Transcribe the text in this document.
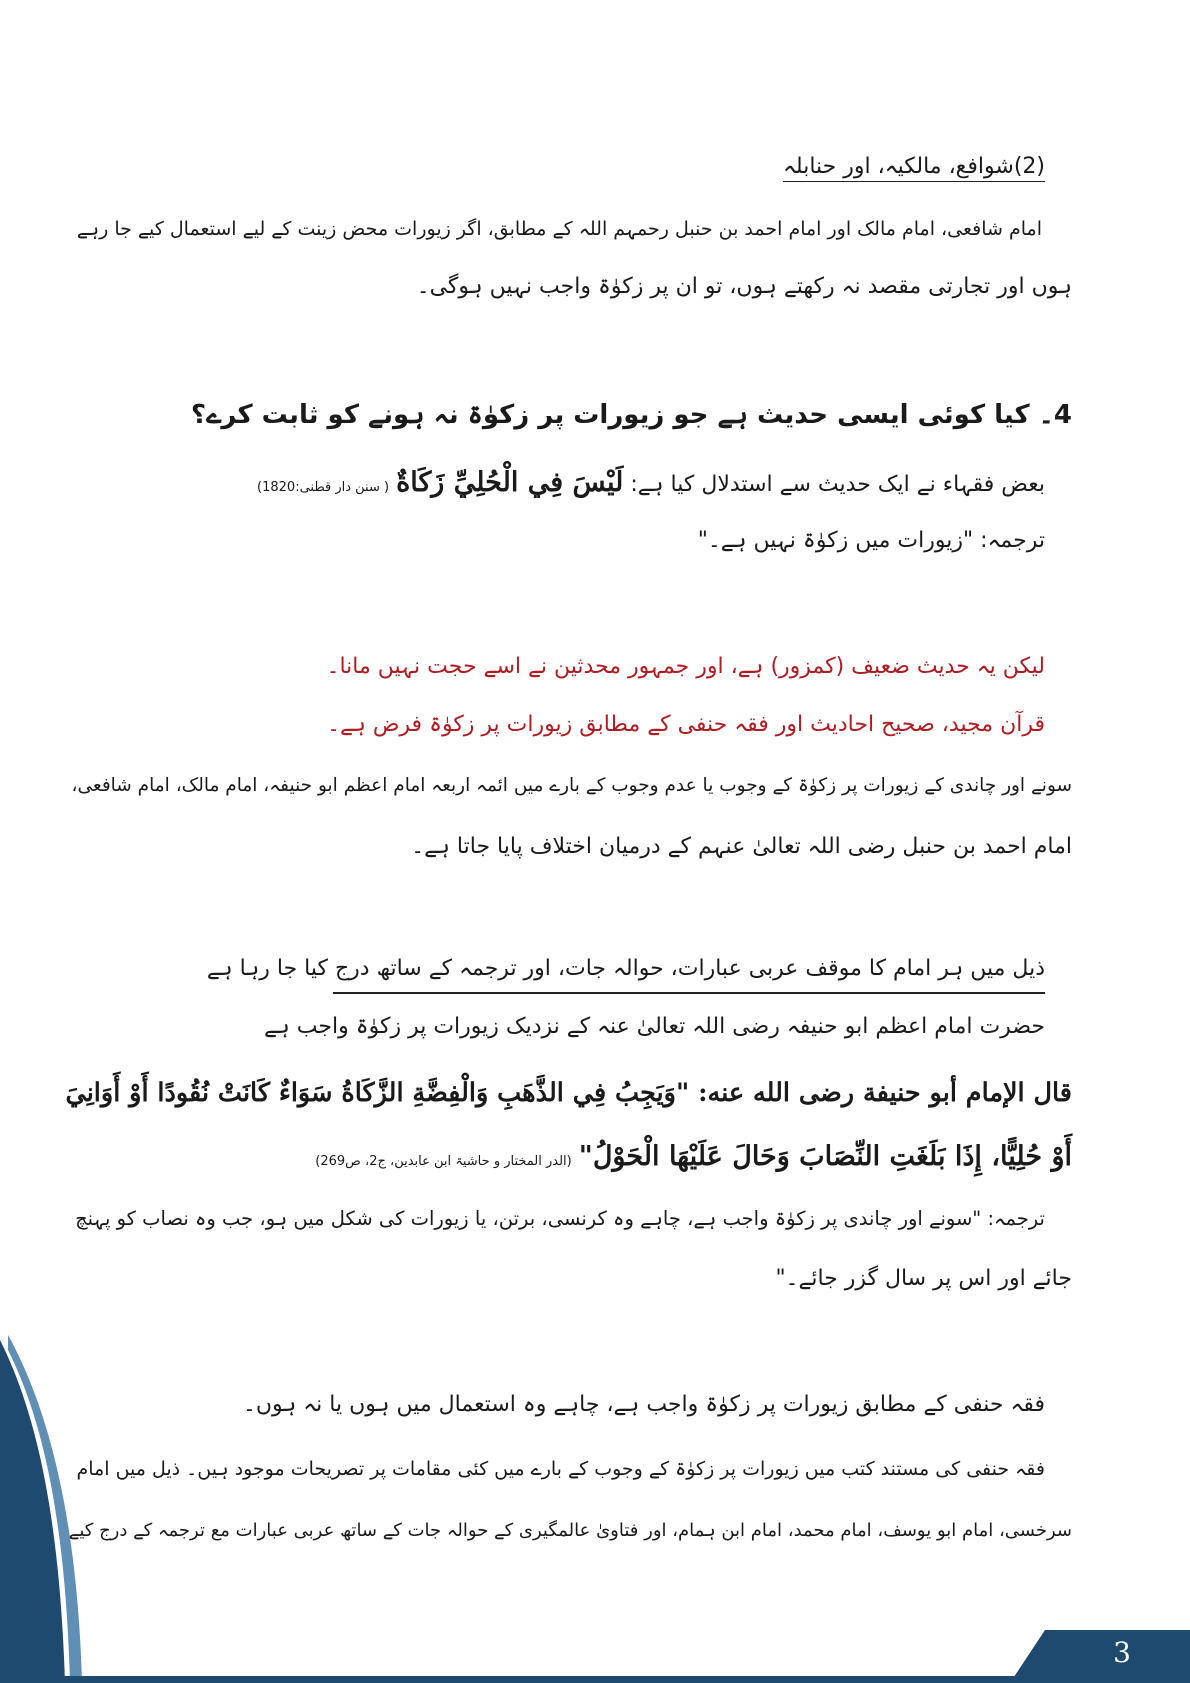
(2)شوافع، مالکیہ، اور حنابلہ
امام شافعی، امام مالک اور امام احمد بن حنبل رحمہم اللہ کے مطابق، اگر زیورات محض زینت کے لیے استعمال کیے جا رہے
ہوں اور تجارتی مقصد نہ رکھتے ہوں، تو ان پر زکوٰۃ واجب نہیں ہوگی۔
4۔ کیا کوئی ایسی حدیث ہے جو زیورات پر زکوٰۃ نہ ہونے کو ثابت کرے؟
بعض فقہاء نے ایک حدیث سے استدلال کیا ہے: لَيْسَ فِي الْحُلِيِّ زَكَاةٌ ( سنن دار قطنی:1820)
ترجمہ: "زیورات میں زکوٰۃ نہیں ہے۔"
لیکن یہ حدیث ضعیف (کمزور) ہے، اور جمہور محدثین نے اسے حجت نہیں مانا۔
قرآن مجید، صحیح احادیث اور فقہ حنفی کے مطابق زیورات پر زکوٰۃ فرض ہے۔
سونے اور چاندی کے زیورات پر زکوٰۃ کے وجوب یا عدم وجوب کے بارے میں ائمہ اربعہ امام اعظم ابو حنیفہ، امام مالک، امام شافعی،
امام احمد بن حنبل رضی اللہ تعالیٰ عنہم کے درمیان اختلاف پایا جاتا ہے۔
ذیل میں ہر امام کا موقف عربی عبارات، حوالہ جات، اور ترجمہ کے ساتھ درج کیا جا رہا ہے
حضرت امام اعظم ابو حنیفہ رضی اللہ تعالیٰ عنہ کے نزدیک زیورات پر زکوٰۃ واجب ہے
قال الإمام أبو حنيفة رضی الله عنه: "وَيَجِبُ فِي الذَّهَبِ وَالْفِضَّةِ الزَّكَاةُ سَوَاءٌ كَانَتْ نُقُودًا أَوْ أَوَانِيَ
أَوْ حُلِيًّا، إِذَا بَلَغَتِ النِّصَابَ وَحَالَ عَلَيْهَا الْحَوْلُ" (الدر المختار و حاشیۃ ابن عابدین، ج2، ص269)
ترجمہ: "سونے اور چاندی پر زکوٰۃ واجب ہے، چاہے وہ کرنسی، برتن، یا زیورات کی شکل میں ہو، جب وہ نصاب کو پہنچ
جائے اور اس پر سال گزر جائے۔"
فقہ حنفی کے مطابق زیورات پر زکوٰۃ واجب ہے، چاہے وہ استعمال میں ہوں یا نہ ہوں۔
فقہ حنفی کی مستند کتب میں زیورات پر زکوٰۃ کے وجوب کے بارے میں کئی مقامات پر تصریحات موجود ہیں۔ ذیل میں امام
سرخسی، امام ابو یوسف، امام محمد، امام ابن ہمام، اور فتاویٰ عالمگیری کے حوالہ جات کے ساتھ عربی عبارات مع ترجمہ کے درج کیے
3
